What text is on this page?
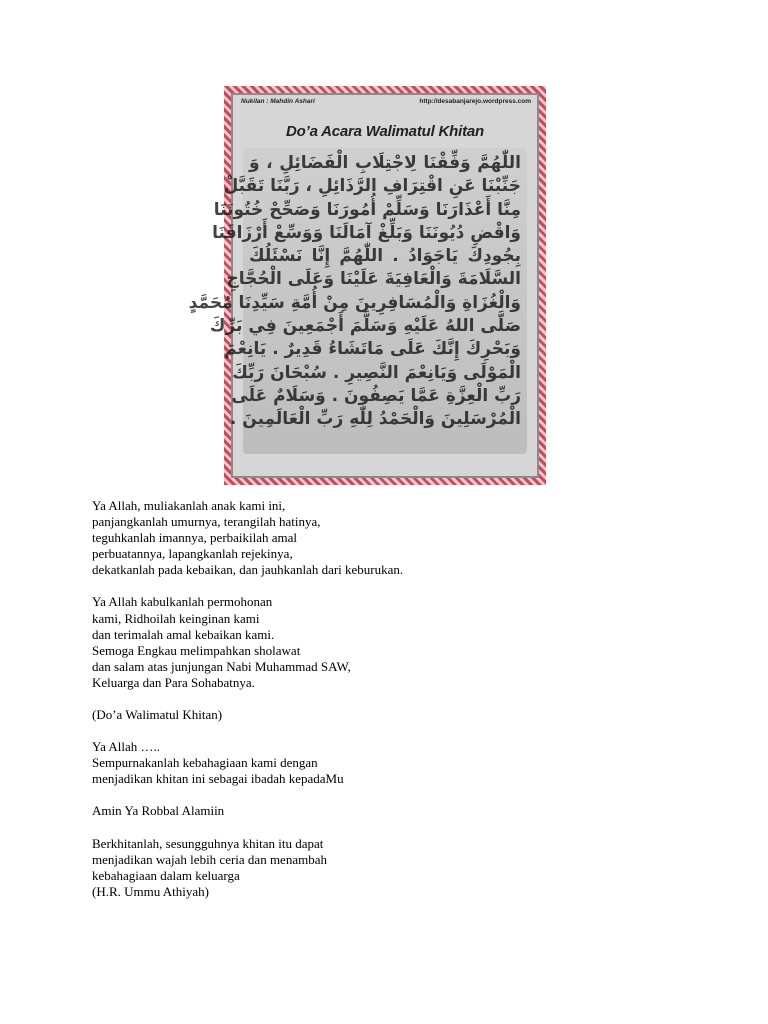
Nukilan : Mahdin Ashari	http://desabanjarejo.wordpress.com
Do’a Acara Walimatul Khitan
اللّٰهُمَّ وَفِّقْنَا لِاجْتِلَابِ الْفَضَائِلِ ، وَ
جَنِّبْنَا عَنِ اقْتِرَافِ الرَّذَائِلِ ، رَبَّنَا تَقَبَّلْ
مِنَّا أَعْذَارَنَا وَسَلِّمْ أُمُورَنَا وَصَحِّحْ خُتُونَنَا
وَاقْضِ دُيُونَنَا وَبَلِّغْ آمَالَنَا وَوَسِّعْ أَرْزَاقَنَا
بِجُودِكَ يَاجَوَادُ . اللّٰهُمَّ إِنَّا نَسْئَلُكَ
السَّلَامَةَ وَالْعَافِيَةَ عَلَيْنَا وَعَلَى الْحُجَّاجِ
وَالْغُزَاةِ وَالْمُسَافِرِينَ مِنْ أُمَّةِ سَيِّدِنَا مُحَمَّدٍ
صَلَّى اللهُ عَلَيْهِ وَسَلَّمَ أَجْمَعِينَ فِي بَرِّكَ
وَبَحْرِكَ إِنَّكَ عَلَى مَاتَشَاءُ قَدِيرٌ . يَانِعْمَ
الْمَوْلَى وَيَانِعْمَ النَّصِيرِ . سُبْحَانَ رَبِّكَ
رَبِّ الْعِزَّةِ عَمَّا يَصِفُونَ . وَسَلَامٌ عَلَى
الْمُرْسَلِينَ وَالْحَمْدُ لِلّٰهِ رَبِّ الْعَالَمِينَ .
Ya Allah, muliakanlah anak kami ini,
panjangkanlah umurnya, terangilah hatinya,
teguhkanlah imannya, perbaikilah amal
perbuatannya, lapangkanlah rejekinya,
dekatkanlah pada kebaikan, dan jauhkanlah dari keburukan.
Ya Allah kabulkanlah permohonan
kami, Ridhoilah keinginan kami
dan terimalah amal kebaikan kami.
Semoga Engkau melimpahkan sholawat
dan salam atas junjungan Nabi Muhammad SAW,
Keluarga dan Para Sohabatnya.
(Do’a Walimatul Khitan)
Ya Allah …..
Sempurnakanlah kebahagiaan kami dengan
menjadikan khitan ini sebagai ibadah kepadaMu
Amin Ya Robbal Alamiin
Berkhitanlah, sesungguhnya khitan itu dapat
menjadikan wajah lebih ceria dan menambah
kebahagiaan dalam keluarga
(H.R. Ummu Athiyah)
